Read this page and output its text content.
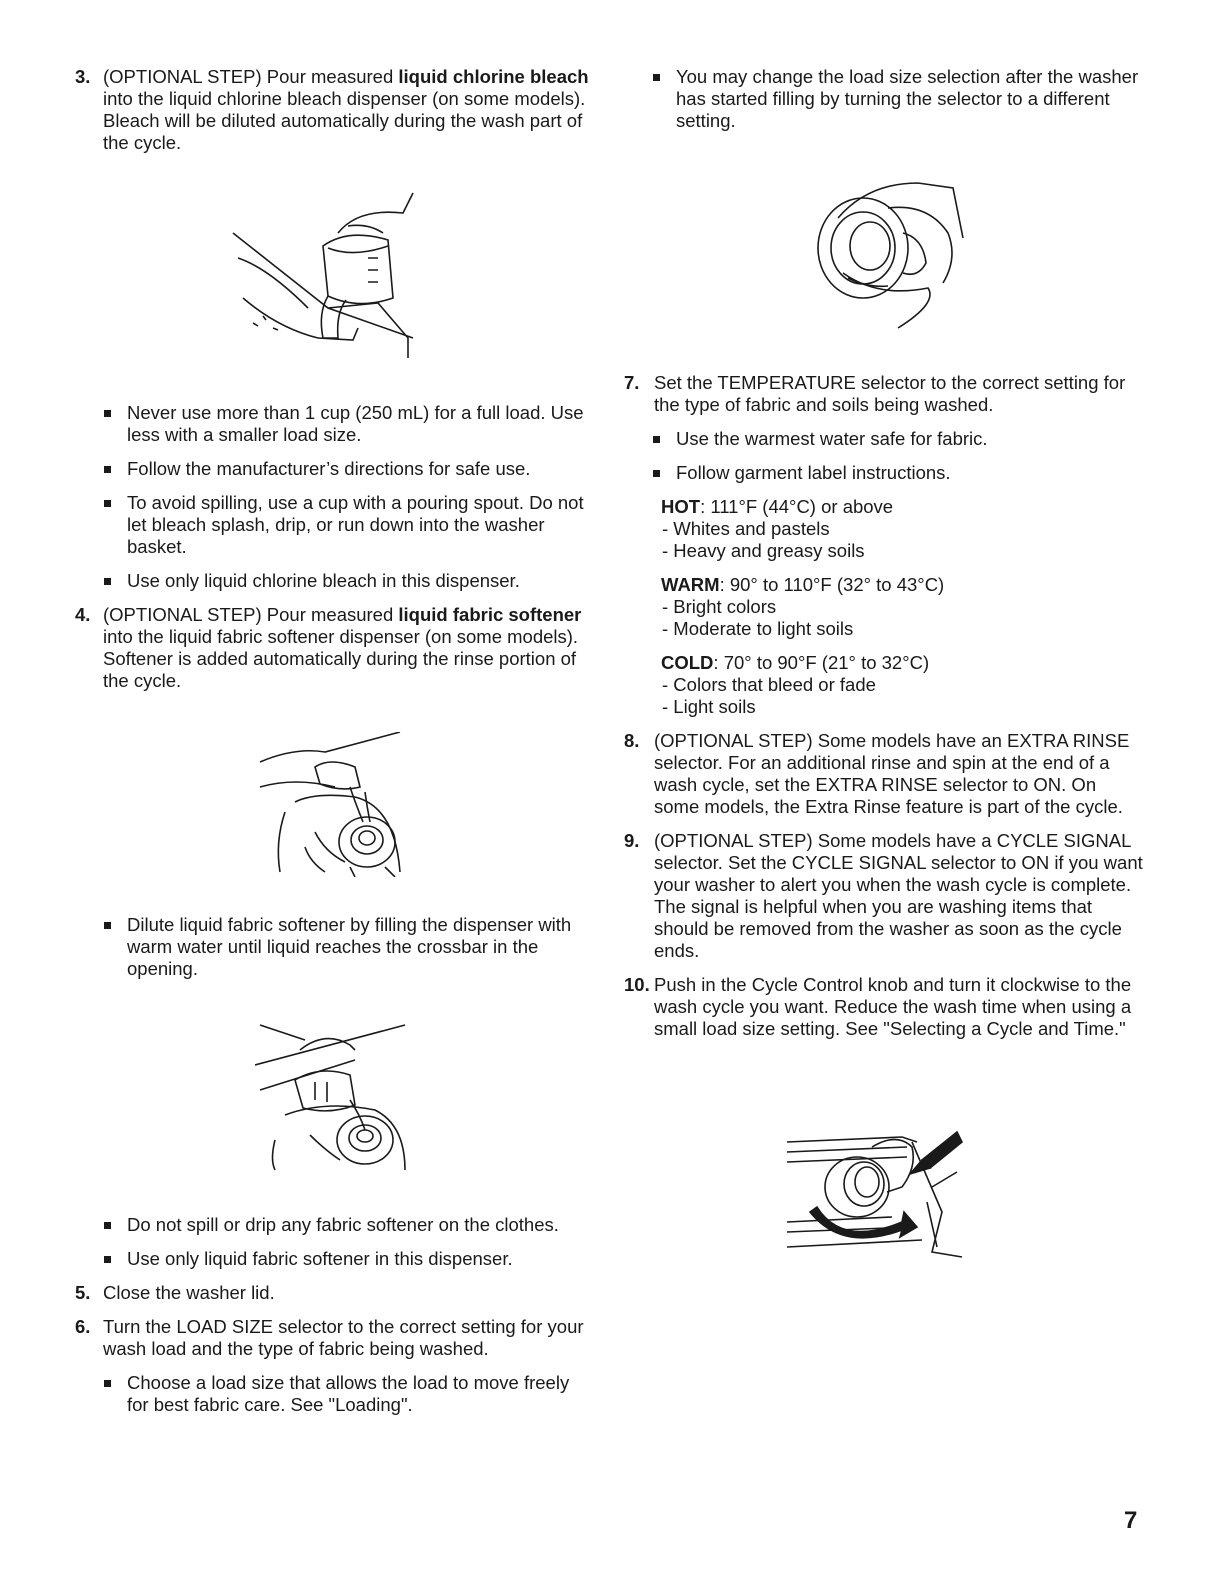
3. (OPTIONAL STEP) Pour measured liquid chlorine bleach into the liquid chlorine bleach dispenser (on some models). Bleach will be diluted automatically during the wash part of the cycle.

Never use more than 1 cup (250 mL) for a full load. Use less with a smaller load size.

Follow the manufacturer’s directions for safe use.

To avoid spilling, use a cup with a pouring spout. Do not let bleach splash, drip, or run down into the washer basket.

Use only liquid chlorine bleach in this dispenser.

4. (OPTIONAL STEP) Pour measured liquid fabric softener into the liquid fabric softener dispenser (on some models). Softener is added automatically during the rinse portion of the cycle.

Dilute liquid fabric softener by filling the dispenser with warm water until liquid reaches the crossbar in the opening.

Do not spill or drip any fabric softener on the clothes.

Use only liquid fabric softener in this dispenser.

5. Close the washer lid.

6. Turn the LOAD SIZE selector to the correct setting for your wash load and the type of fabric being washed.

Choose a load size that allows the load to move freely for best fabric care. See "Loading".

You may change the load size selection after the washer has started filling by turning the selector to a different setting.

7. Set the TEMPERATURE selector to the correct setting for the type of fabric and soils being washed.

Use the warmest water safe for fabric.

Follow garment label instructions.

HOT: 111°F (44°C) or above

- Whites and pastels

- Heavy and greasy soils

WARM: 90° to 110°F (32° to 43°C)

- Bright colors

- Moderate to light soils

COLD: 70° to 90°F (21° to 32°C)

- Colors that bleed or fade

- Light soils

8. (OPTIONAL STEP) Some models have an EXTRA RINSE selector. For an additional rinse and spin at the end of a wash cycle, set the EXTRA RINSE selector to ON. On some models, the Extra Rinse feature is part of the cycle.

9. (OPTIONAL STEP) Some models have a CYCLE SIGNAL selector. Set the CYCLE SIGNAL selector to ON if you want your washer to alert you when the wash cycle is complete. The signal is helpful when you are washing items that should be removed from the washer as soon as the cycle ends.

10. Push in the Cycle Control knob and turn it clockwise to the wash cycle you want. Reduce the wash time when using a small load size setting. See "Selecting a Cycle and Time."

7
